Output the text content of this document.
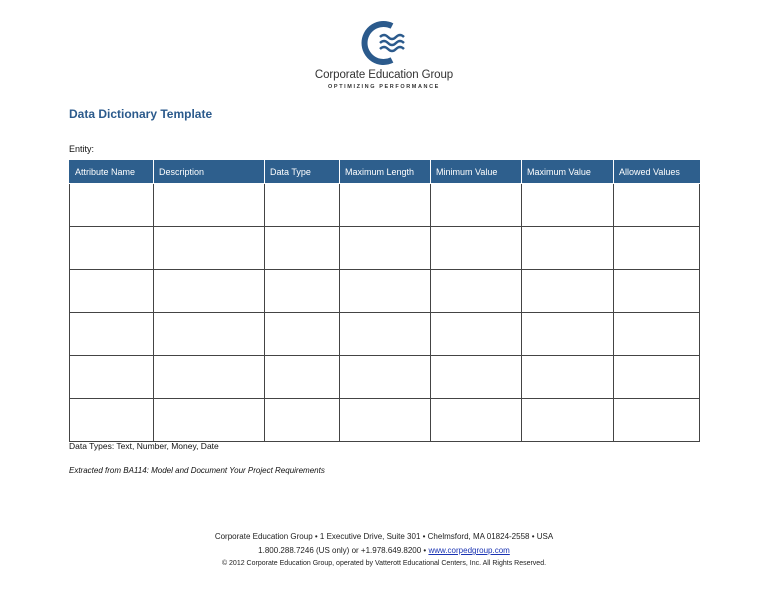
Corporate Education Group
OPTIMIZING PERFORMANCE
Data Dictionary Template
Entity:
Attribute Name	Description	Data Type	Maximum Length	Minimum Value	Maximum Value	Allowed Values

Data Types: Text, Number, Money, Date
Extracted from BA114: Model and Document Your Project Requirements
Corporate Education Group • 1 Executive Drive, Suite 301 • Chelmsford, MA 01824-2558 • USA
1.800.288.7246 (US only) or +1.978.649.8200 • www.corpedgroup.com
© 2012 Corporate Education Group, operated by Vatterott Educational Centers, Inc. All Rights Reserved.
